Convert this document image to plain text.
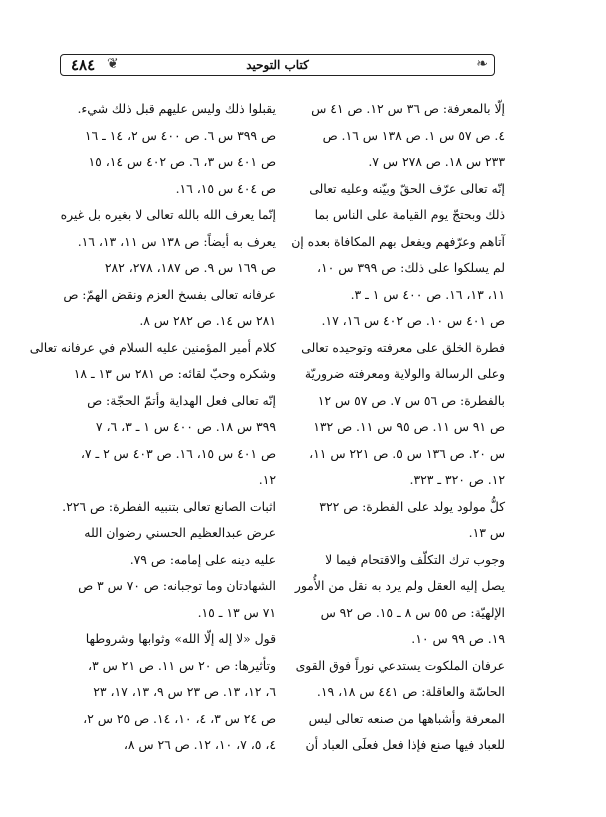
❦
٤٨٤	كتاب التوحيد	❧
إلّا بالمعرفة: ص ٣٦ س ١٢. ص ٤١ س
٤. ص ٥٧ س ١. ص ١٣٨ س ١٦. ص
٢٣٣ س ١٨. ص ٢٧٨ س ٧.
إنّه تعالى عرّف الحقّ وبيّنه وعليه تعالى
ذلك وبحتجّ يوم القيامة على الناس بما
آتاهم وعرّفهم ويفعل بهم المكافاة بعده إن
لم يسلكوا على ذلك: ص ٣٩٩ س ١٠،
١١، ١٣، ١٦. ص ٤٠٠ س ١ ـ ٣.
ص ٤٠١ س ١٠. ص ٤٠٢ س ١٦، ١٧.
فطرة الخلق على معرفته وتوحيده تعالى
وعلى الرسالة والولاية ومعرفته ضروريّة
بالفطرة: ص ٥٦ س ٧. ص ٥٧ س ١٢
ص ٩١ س ١١. ص ٩٥ س ١١. ص ١٣٢
س ٢٠. ص ١٣٦ س ٥. ص ٢٢١ س ١١،
١٢. ص ٣٢٠ ـ ٣٢٣.
كلُّ مولود يولد على الفطرة: ص ٣٢٢
س ١٣.
وجوب ترك التكلّف والاقتحام فيما لا
يصل إليه العقل ولم يرد به نقل من الأُمور
الإلهيّة: ص ٥٥ س ٨ ـ ١٥. ص ٩٢ س
١٩. ص ٩٩ س ١٠.
عرفان الملكوت يستدعي نوراً فوق القوى
الحاسّة والعاقلة: ص ٤٤١ س ١٨، ١٩.
المعرفة وأشباهها من صنعه تعالى ليس
للعباد فيها صنع فإذا فعل فعلَى العباد أن
يقبلوا ذلك وليس عليهم قبل ذلك شيء.
ص ٣٩٩ س ٦. ص ٤٠٠ س ٢، ١٤ ـ ١٦
ص ٤٠١ س ٣، ٦. ص ٤٠٢ س ١٤، ١٥
ص ٤٠٤ س ١٥، ١٦.
إنّما يعرف الله بالله تعالى لا بغيره بل غيره
يعرف به أيضاً: ص ١٣٨ س ١١، ١٣، ١٦.
ص ١٦٩ س ٩. ص ١٨٧، ٢٧٨، ٢٨٢
عرفانه تعالى بفسخ العزم ونقض الهمّ: ص
٢٨١ س ١٤. ص ٢٨٢ س ٨.
كلام أمير المؤمنين عليه السلام في عرفانه تعالى
وشكره وحبّ لقائه: ص ٢٨١ س ١٣ ـ ١٨
إنّه تعالى فعل الهداية وأتمّ الحجّة: ص
٣٩٩ س ١٨. ص ٤٠٠ س ١ ـ ٣، ٦، ٧
ص ٤٠١ س ١٥، ١٦. ص ٤٠٣ س ٢ ـ ٧،
١٢.
اثبات الصانع تعالى بتنبيه الفطرة: ص ٢٢٦.
عرض عبدالعظيم الحسني رضوان الله
عليه دينه على إمامه: ص ٧٩.
الشهادتان وما توجبانه: ص ٧٠ س ٣ ص
٧١ س ١٣ ـ ١٥.
قول «لا إله إلّا الله» وثوابها وشروطها
وتأثيرها: ص ٢٠ س ١١. ص ٢١ س ٣،
٦، ١٢، ١٣. ص ٢٣ س ٩، ١٣، ١٧، ٢٣
ص ٢٤ س ٣، ٤، ١٠، ١٤. ص ٢٥ س ٢،
٤، ٥، ٧، ١٠، ١٢. ص ٢٦ س ٨،
